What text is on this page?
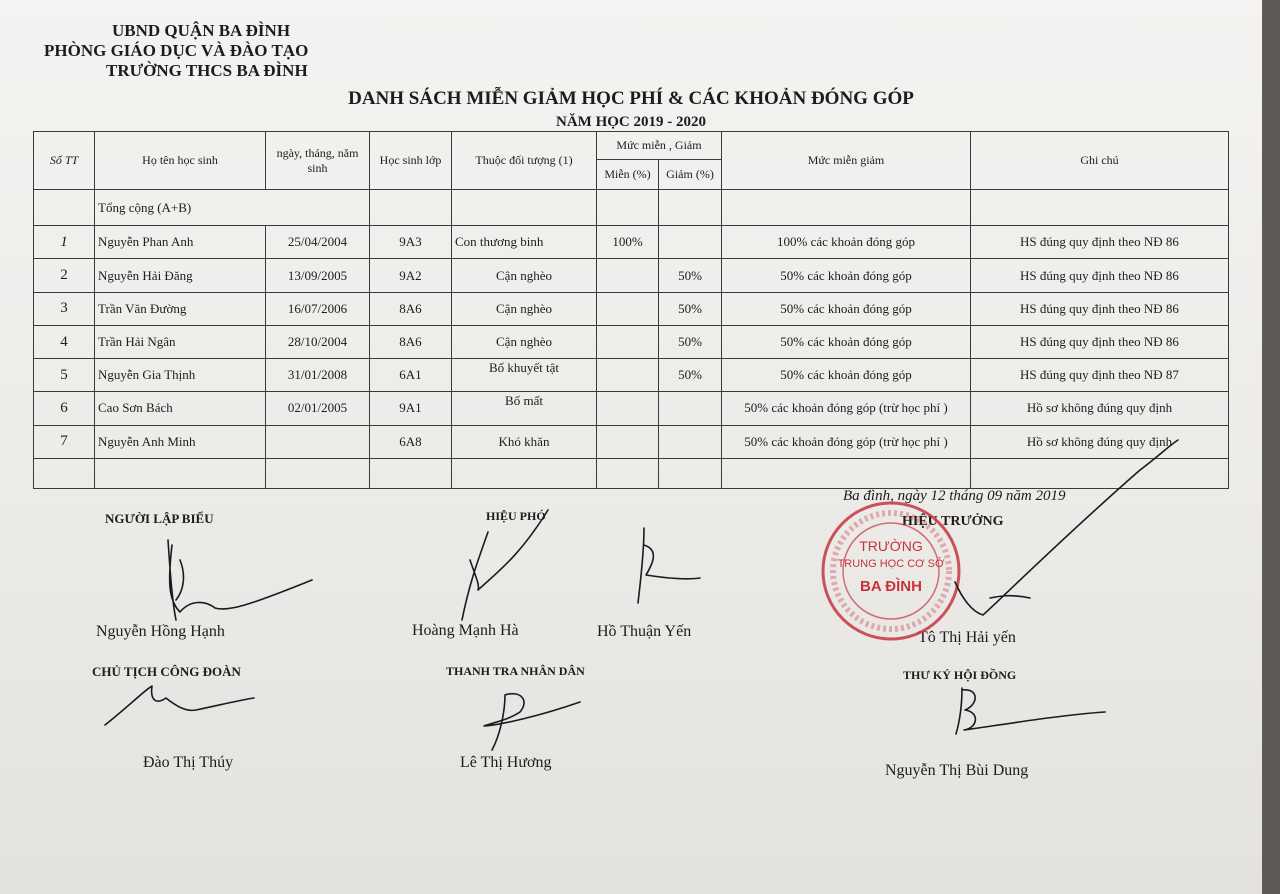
UBND QUẬN BA ĐÌNH
PHÒNG GIÁO DỤC VÀ ĐÀO TẠO
TRƯỜNG THCS BA ĐÌNH
DANH SÁCH MIỄN GIẢM HỌC PHÍ & CÁC KHOẢN ĐÓNG GÓP
NĂM HỌC 2019 - 2020
Số TT	Họ tên học sinh	ngày, tháng, năm sinh	Học sinh lớp	Thuộc đối tượng (1)	Mức miễn , Giảm		Mức miễn giảm	Ghi chú
					Miễn (%)	Giảm (%)		
	Tổng cộng (A+B)							
1	Nguyễn Phan Anh	25/04/2004	9A3	Con thương binh	100%		100% các khoản đóng góp	HS đúng quy định theo NĐ 86
2	Nguyễn Hải Đăng	13/09/2005	9A2	Cận nghèo		50%	50% các khoản đóng góp	HS đúng quy định theo NĐ 86
3	Trần Văn Đường	16/07/2006	8A6	Cận nghèo		50%	50% các khoản đóng góp	HS đúng quy định theo NĐ 86
4	Trần Hải Ngân	28/10/2004	8A6	Cận nghèo		50%	50% các khoản đóng góp	HS đúng quy định theo NĐ 86
5	Nguyễn Gia Thịnh	31/01/2008	6A1	Bố khuyết tật		50%	50% các khoản đóng góp	HS đúng quy định theo NĐ 87
6	Cao Sơn Bách	02/01/2005	9A1	Bố mất			50% các khoản đóng góp (trừ học phí )	Hồ sơ không đúng quy định
7	Nguyễn Anh Minh		6A8	Khó khăn			50% các khoản đóng góp (trừ học phí )	Hồ sơ không đúng quy định

Ba đình, ngày 12 tháng 09 năm 2019
NGƯỜI LẬP BIỂU	HIỆU PHÓ	HIỆU TRƯỞNG
Nguyễn Hồng Hạnh	Hoàng Mạnh Hà	Hồ Thuận Yến	Tô Thị Hải yến
CHỦ TỊCH CÔNG ĐOÀN	THANH TRA NHÂN DÂN	THƯ KÝ HỘI ĐỒNG
Đào Thị Thúy	Lê Thị Hương	Nguyễn Thị Bùi Dung
TRƯỜNG
TRUNG HỌC CƠ SỞ
BA ĐÌNH
